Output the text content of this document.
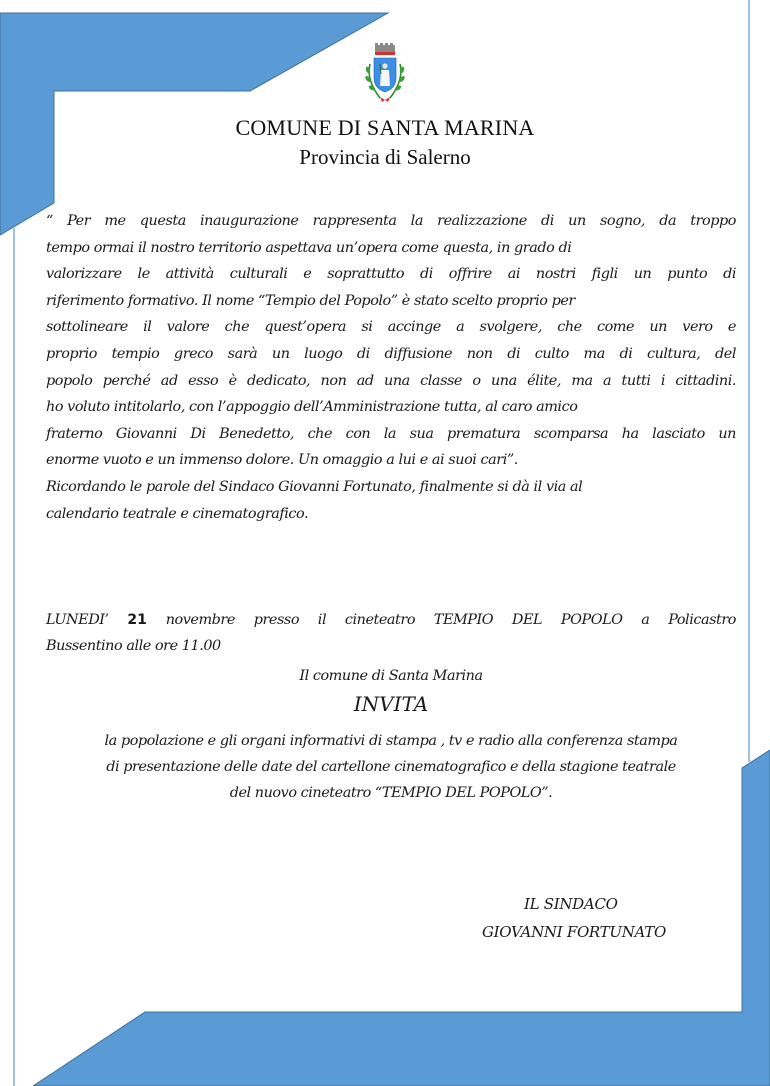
COMUNE DI SANTA MARINA
Provincia di Salerno
“ Per me questa inaugurazione rappresenta la realizzazione di un sogno, da troppo
tempo ormai il nostro territorio aspettava un’opera come questa, in grado di
valorizzare le attività culturali e soprattutto di offrire ai nostri figli un punto di
riferimento formativo. Il nome “Tempio del Popolo” è stato scelto proprio per
sottolineare il valore che quest’opera si accinge a svolgere, che come un vero e
proprio tempio greco sarà un luogo di diffusione non di culto ma di cultura, del
popolo perché ad esso è dedicato, non ad una classe o una élite, ma a tutti i cittadini.
ho voluto intitolarlo, con l’appoggio dell’Amministrazione tutta, al caro amico
fraterno Giovanni Di Benedetto, che con la sua prematura scomparsa ha lasciato un
enorme vuoto e un immenso dolore. Un omaggio a lui e ai suoi cari”.
Ricordando le parole del Sindaco Giovanni Fortunato, finalmente si dà il via al
calendario teatrale e cinematografico.
LUNEDI’ 21 novembre presso il cineteatro TEMPIO DEL POPOLO a Policastro
Bussentino alle ore 11.00
Il comune di Santa Marina
INVITA
la popolazione e gli organi informativi di stampa , tv e radio alla conferenza stampa
di presentazione delle date del cartellone cinematografico e della stagione teatrale
del nuovo cineteatro “TEMPIO DEL POPOLO”.
IL SINDACO
GIOVANNI FORTUNATO
